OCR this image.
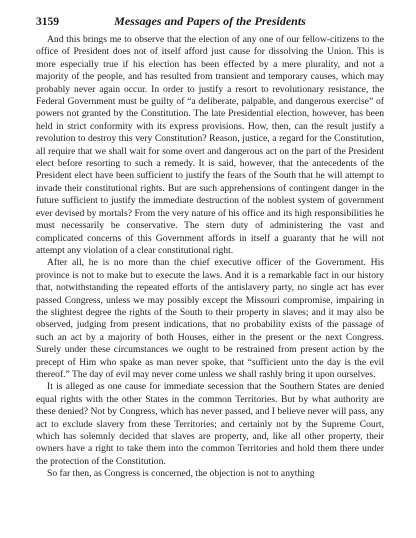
3159	Messages and Papers of the Presidents

And this brings me to observe that the election of any one of our fellow-citizens to the office of President does not of itself afford just cause for dissolving the Union. This is more especially true if his election has been effected by a mere plurality, and not a majority of the people, and has resulted from transient and temporary causes, which may probably never again occur. In order to justify a resort to revolutionary resistance, the Federal Government must be guilty of “a deliberate, palpable, and dangerous exercise” of powers not granted by the Constitution. The late Presidential election, however, has been held in strict conformity with its express provisions. How, then, can the result justify a revolution to destroy this very Constitution? Reason, justice, a regard for the Constitution, all require that we shall wait for some overt and dangerous act on the part of the President elect before resorting to such a remedy. It is said, however, that the antecedents of the President elect have been sufficient to justify the fears of the South that he will attempt to invade their constitutional rights. But are such apprehensions of contingent danger in the future sufficient to justify the immediate destruction of the noblest system of government ever devised by mortals? From the very nature of his office and its high responsibilities he must necessarily be conservative. The stern duty of administering the vast and complicated concerns of this Government affords in itself a guaranty that he will not attempt any violation of a clear constitutional right.

After all, he is no more than the chief executive officer of the Government. His province is not to make but to execute the laws. And it is a remarkable fact in our history that, notwithstanding the repeated efforts of the antislavery party, no single act has ever passed Congress, unless we may possibly except the Missouri compromise, impairing in the slightest degree the rights of the South to their property in slaves; and it may also be observed, judging from present indications, that no probability exists of the passage of such an act by a majority of both Houses, either in the present or the next Congress. Surely under these circumstances we ought to be restrained from present action by the precept of Him who spake as man never spoke, that “sufficient unto the day is the evil thereof.” The day of evil may never come unless we shall rashly bring it upon ourselves.

It is alleged as one cause for immediate secession that the Southern States are denied equal rights with the other States in the common Territories. But by what authority are these denied? Not by Congress, which has never passed, and I believe never will pass, any act to exclude slavery from these Territories; and certainly not by the Supreme Court, which has solemnly decided that slaves are property, and, like all other property, their owners have a right to take them into the common Territories and hold them there under the protection of the Constitution.

So far then, as Congress is concerned, the objection is not to anything
